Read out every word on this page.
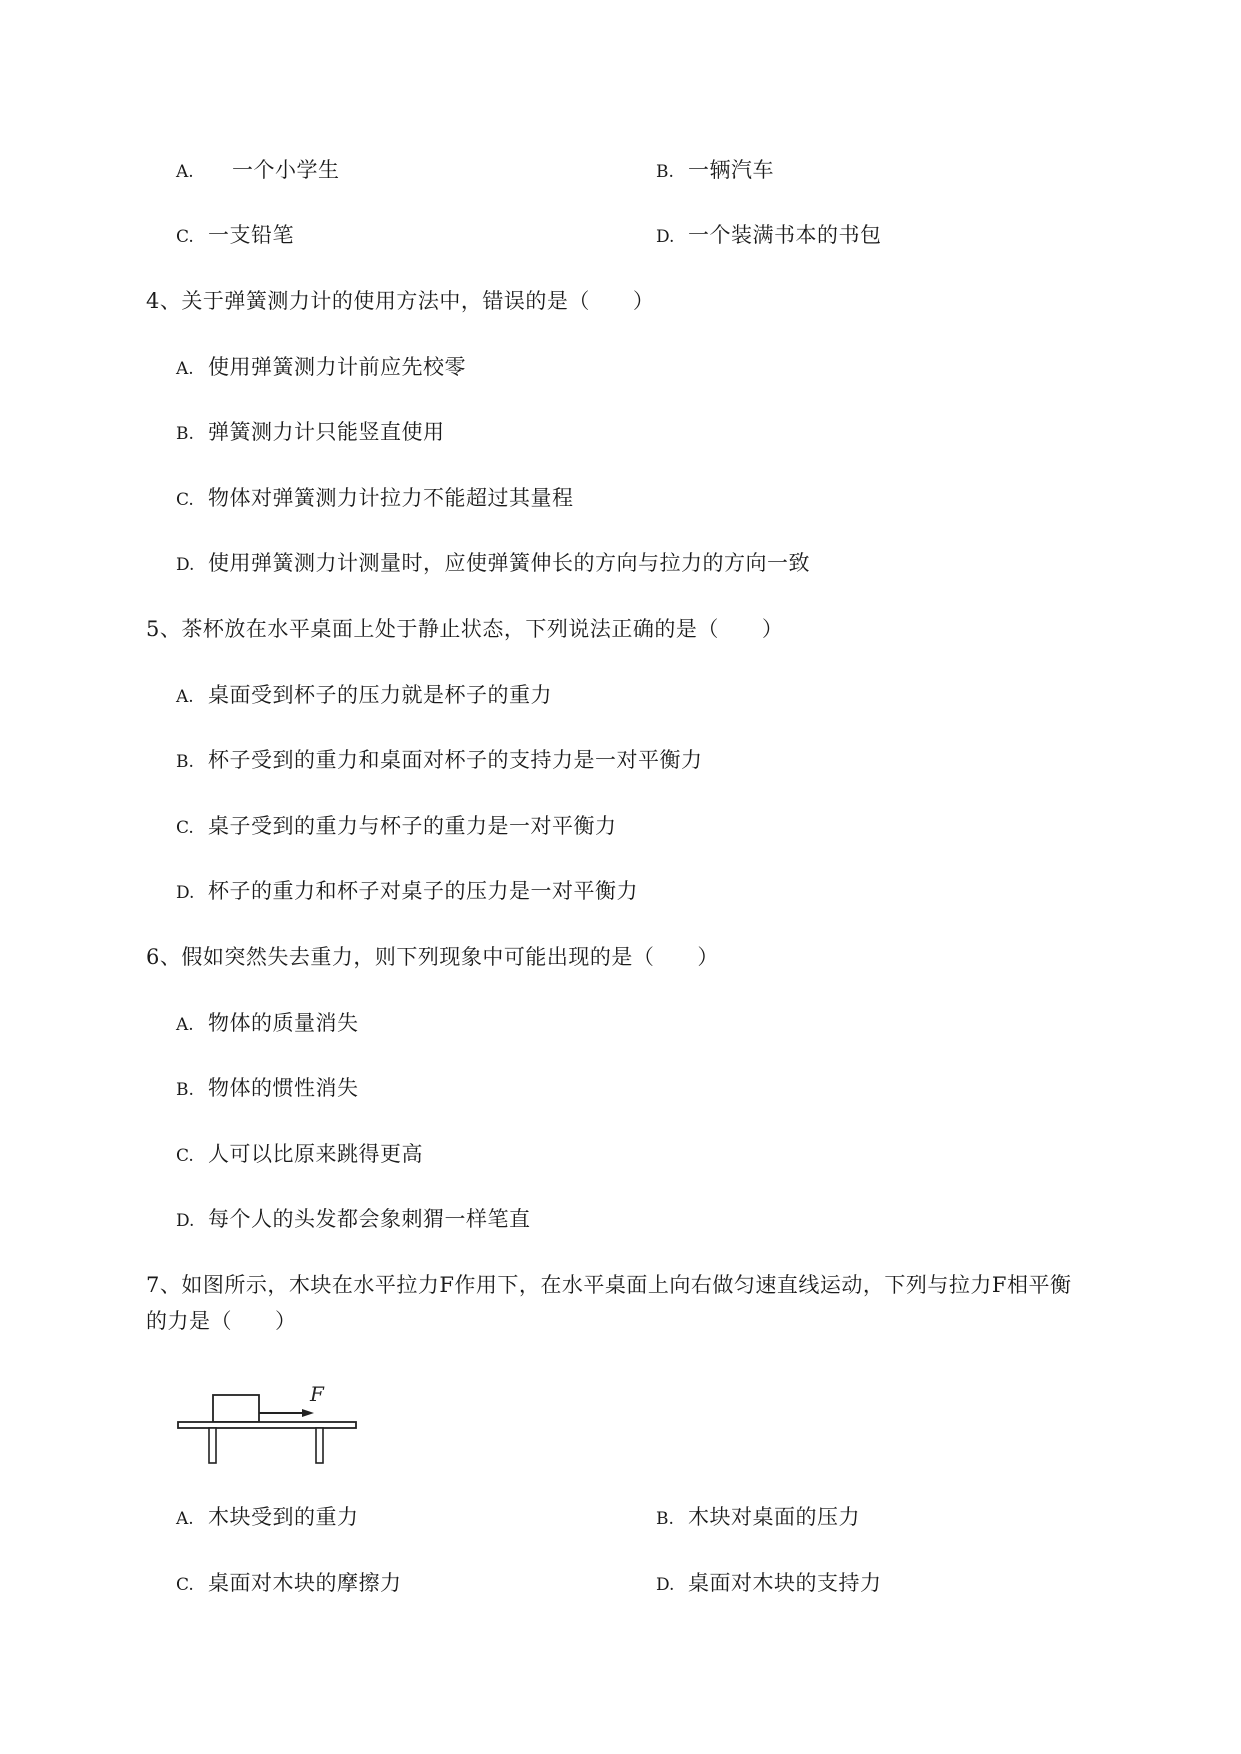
A. 一个小学生	B. 一辆汽车
C. 一支铅笔	D. 一个装满书本的书包
4、关于弹簧测力计的使用方法中，错误的是（　　）
A. 使用弹簧测力计前应先校零
B. 弹簧测力计只能竖直使用
C. 物体对弹簧测力计拉力不能超过其量程
D. 使用弹簧测力计测量时，应使弹簧伸长的方向与拉力的方向一致
5、茶杯放在水平桌面上处于静止状态，下列说法正确的是（　　）
A. 桌面受到杯子的压力就是杯子的重力
B. 杯子受到的重力和桌面对杯子的支持力是一对平衡力
C. 桌子受到的重力与杯子的重力是一对平衡力
D. 杯子的重力和杯子对桌子的压力是一对平衡力
6、假如突然失去重力，则下列现象中可能出现的是（　　）
A. 物体的质量消失
B. 物体的惯性消失
C. 人可以比原来跳得更高
D. 每个人的头发都会象刺猬一样笔直
7、如图所示，木块在水平拉力F作用下，在水平桌面上向右做匀速直线运动，下列与拉力F相平衡
的力是（　　）
F
A. 木块受到的重力	B. 木块对桌面的压力
C. 桌面对木块的摩擦力	D. 桌面对木块的支持力
